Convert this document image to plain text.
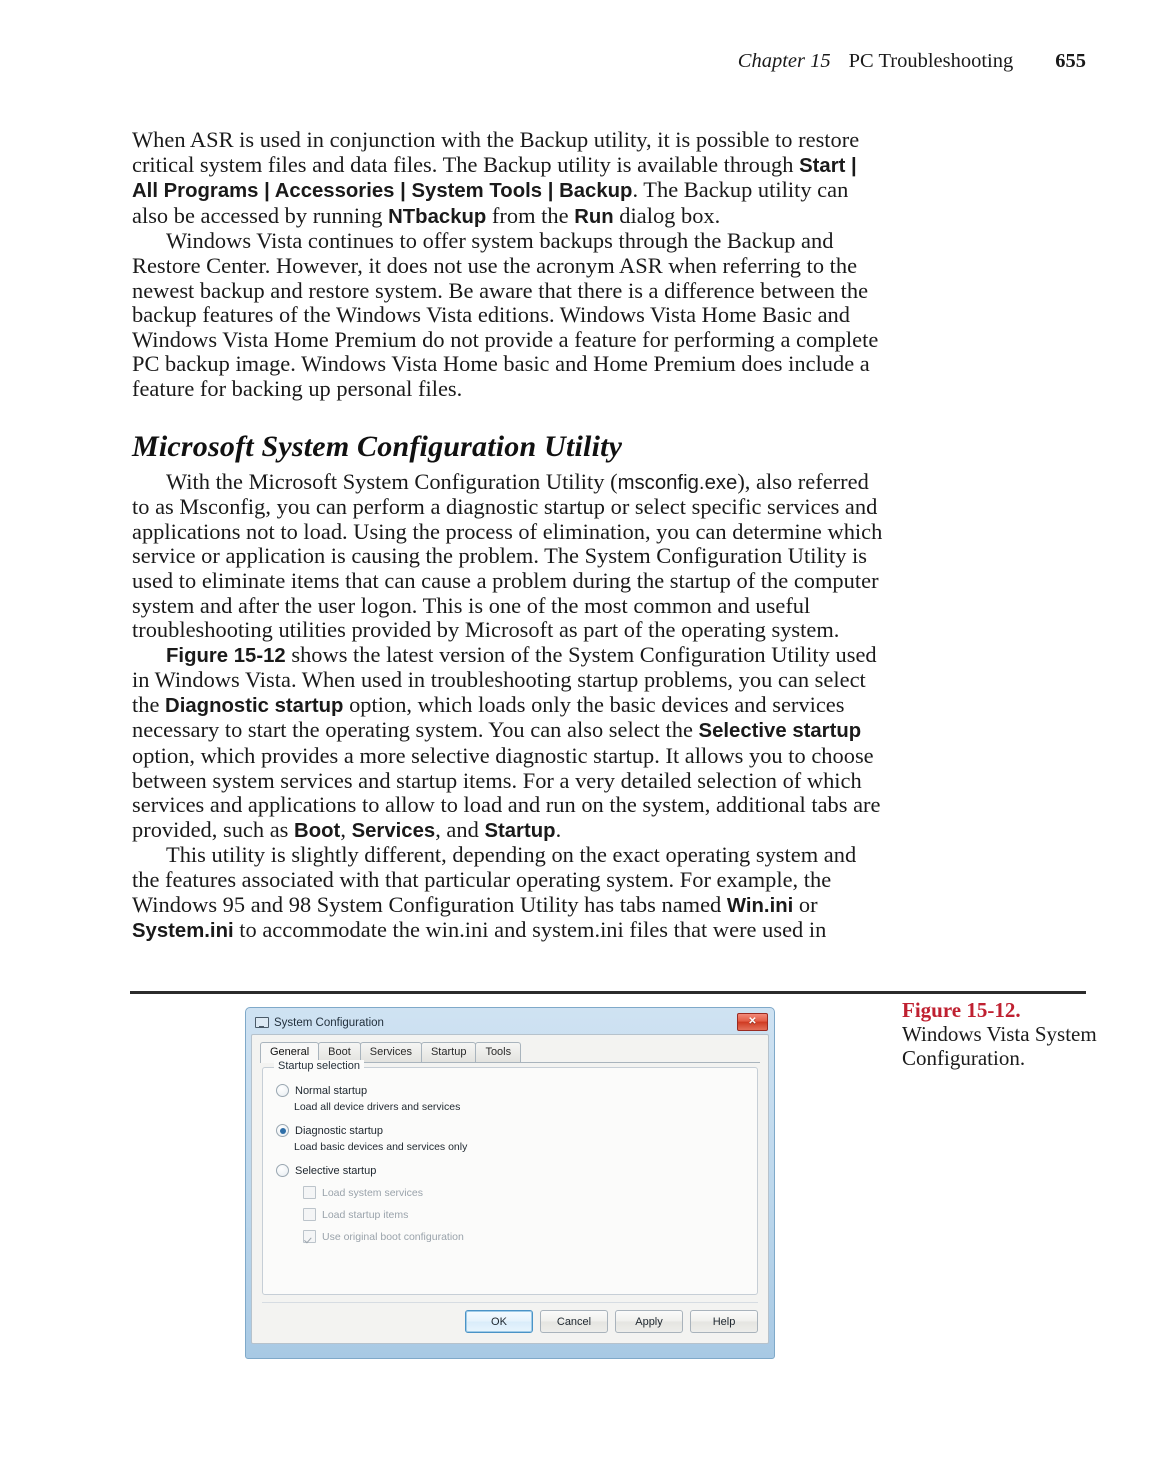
Chapter 15 PC Troubleshooting 655

When ASR is used in conjunction with the Backup utility, it is possible to restore critical system files and data files. The Backup utility is available through Start | All Programs | Accessories | System Tools | Backup. The Backup utility can also be accessed by running NTbackup from the Run dialog box.

Windows Vista continues to offer system backups through the Backup and Restore Center. However, it does not use the acronym ASR when referring to the newest backup and restore system. Be aware that there is a difference between the backup features of the Windows Vista editions. Windows Vista Home Basic and Windows Vista Home Premium do not provide a feature for performing a complete PC backup image. Windows Vista Home basic and Home Premium does include a feature for backing up personal files.

Microsoft System Configuration Utility

With the Microsoft System Configuration Utility (msconfig.exe), also referred to as Msconfig, you can perform a diagnostic startup or select specific services and applications not to load. Using the process of elimination, you can determine which service or application is causing the problem. The System Configuration Utility is used to eliminate items that can cause a problem during the startup of the computer system and after the user logon. This is one of the most common and useful troubleshooting utilities provided by Microsoft as part of the operating system.

Figure 15-12 shows the latest version of the System Configuration Utility used in Windows Vista. When used in troubleshooting startup problems, you can select the Diagnostic startup option, which loads only the basic devices and services necessary to start the operating system. You can also select the Selective startup option, which provides a more selective diagnostic startup. It allows you to choose between system services and startup items. For a very detailed selection of which services and applications to allow to load and run on the system, additional tabs are provided, such as Boot, Services, and Startup.

This utility is slightly different, depending on the exact operating system and the features associated with that particular operating system. For example, the Windows 95 and 98 System Configuration Utility has tabs named Win.ini or System.ini to accommodate the win.ini and system.ini files that were used in

Figure 15-12.
Windows Vista System Configuration.
System Configuration	✕
General	Boot	Services	Startup	Tools
Startup selection
Normal startup
Load all device drivers and services
Diagnostic startup
Load basic devices and services only
Selective startup
Load system services
Load startup items
Use original boot configuration
OK	Cancel	Apply	Help
